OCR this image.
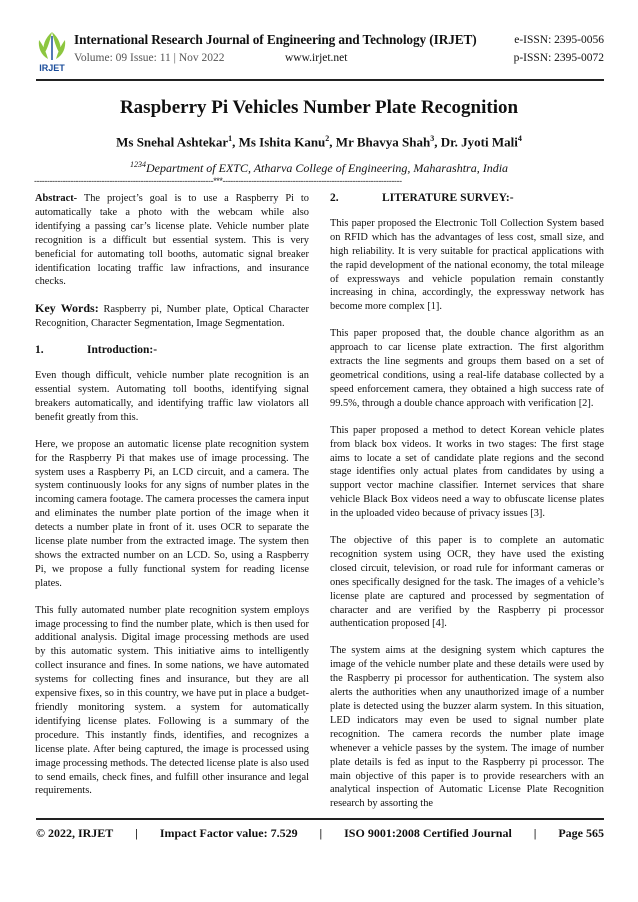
IRJET
International Research Journal of Engineering and Technology (IRJET)	e-ISSN: 2395-0056
Volume: 09 Issue: 11 | Nov 2022	www.irjet.net	p-ISSN: 2395-0072
Raspberry Pi Vehicles Number Plate Recognition
Ms Snehal Ashtekar$^1$, Ms Ishita Kanu$^2$, Mr Bhavya Shah$^3$, Dr. Jyoti Mali$^4$
$^{1234}$Department of EXTC, Atharva College of Engineering, Maharashtra, India
---------------------------------------------------------------------***---------------------------------------------------------------------

Abstract- The project’s goal is to use a Raspberry Pi to automatically take a photo with the webcam while also identifying a passing car’s license plate. Vehicle number plate recognition is a difficult but essential system. This is very beneficial for automating toll booths, automatic signal breaker identification locating traffic law infractions, and insurance checks.

Key Words: Raspberry pi, Number plate, Optical Character Recognition, Character Segmentation, Image Segmentation.

1.	Introduction:-

Even though difficult, vehicle number plate recognition is an essential system. Automating toll booths, identifying signal breakers automatically, and identifying traffic law violators all benefit greatly from this.

Here, we propose an automatic license plate recognition system for the Raspberry Pi that makes use of image processing. The system uses a Raspberry Pi, an LCD circuit, and a camera. The system continuously looks for any signs of number plates in the incoming camera footage. The camera processes the camera input and eliminates the number plate portion of the image when it detects a number plate in front of it. uses OCR to separate the license plate number from the extracted image. The system then shows the extracted number on an LCD. So, using a Raspberry Pi, we propose a fully functional system for reading license plates.

This fully automated number plate recognition system employs image processing to find the number plate, which is then used for additional analysis. Digital image processing methods are used by this automatic system. This initiative aims to intelligently collect insurance and fines. In some nations, we have automated systems for collecting fines and insurance, but they are all expensive fixes, so in this country, we have put in place a budget-friendly monitoring system. a system for automatically identifying license plates. Following is a summary of the procedure. This instantly finds, identifies, and recognizes a license plate. After being captured, the image is processed using image processing methods. The detected license plate is also used to send emails, check fines, and fulfill other insurance and legal requirements.

2.	LITERATURE SURVEY:-

This paper proposed the Electronic Toll Collection System based on RFID which has the advantages of less cost, small size, and high reliability. It is very suitable for practical applications with the rapid development of the national economy, the total mileage of expressways and vehicle population remain constantly increasing in china, accordingly, the expressway network has become more complex [1].

This paper proposed that, the double chance algorithm as an approach to car license plate extraction. The first algorithm extracts the line segments and groups them based on a set of geometrical conditions, using a real-life database collected by a speed enforcement camera, they obtained a high success rate of 99.5%, through a double chance approach with verification [2].

This paper proposed a method to detect Korean vehicle plates from black box videos. It works in two stages: The first stage aims to locate a set of candidate plate regions and the second stage identifies only actual plates from candidates by using a support vector machine classifier. Internet services that share vehicle Black Box videos need a way to obfuscate license plates in the uploaded video because of privacy issues [3].

The objective of this paper is to complete an automatic recognition system using OCR, they have used the existing closed circuit, television, or road rule for informant cameras or ones specifically designed for the task. The images of a vehicle’s license plate are captured and processed by segmentation of character and are verified by the Raspberry pi processor authentication proposed [4].

The system aims at the designing system which captures the image of the vehicle number plate and these details were used by the Raspberry pi processor for authentication. The system also alerts the authorities when any unauthorized image of a number plate is detected using the buzzer alarm system. In this situation, LED indicators may even be used to signal number plate recognition. The camera records the number plate image whenever a vehicle passes by the system. The image of number plate details is fed as input to the Raspberry pi processor. The main objective of this paper is to provide researchers with an analytical inspection of Automatic License Plate Recognition research by assorting the

© 2022, IRJET | Impact Factor value: 7.529 | ISO 9001:2008 Certified Journal | Page 565
